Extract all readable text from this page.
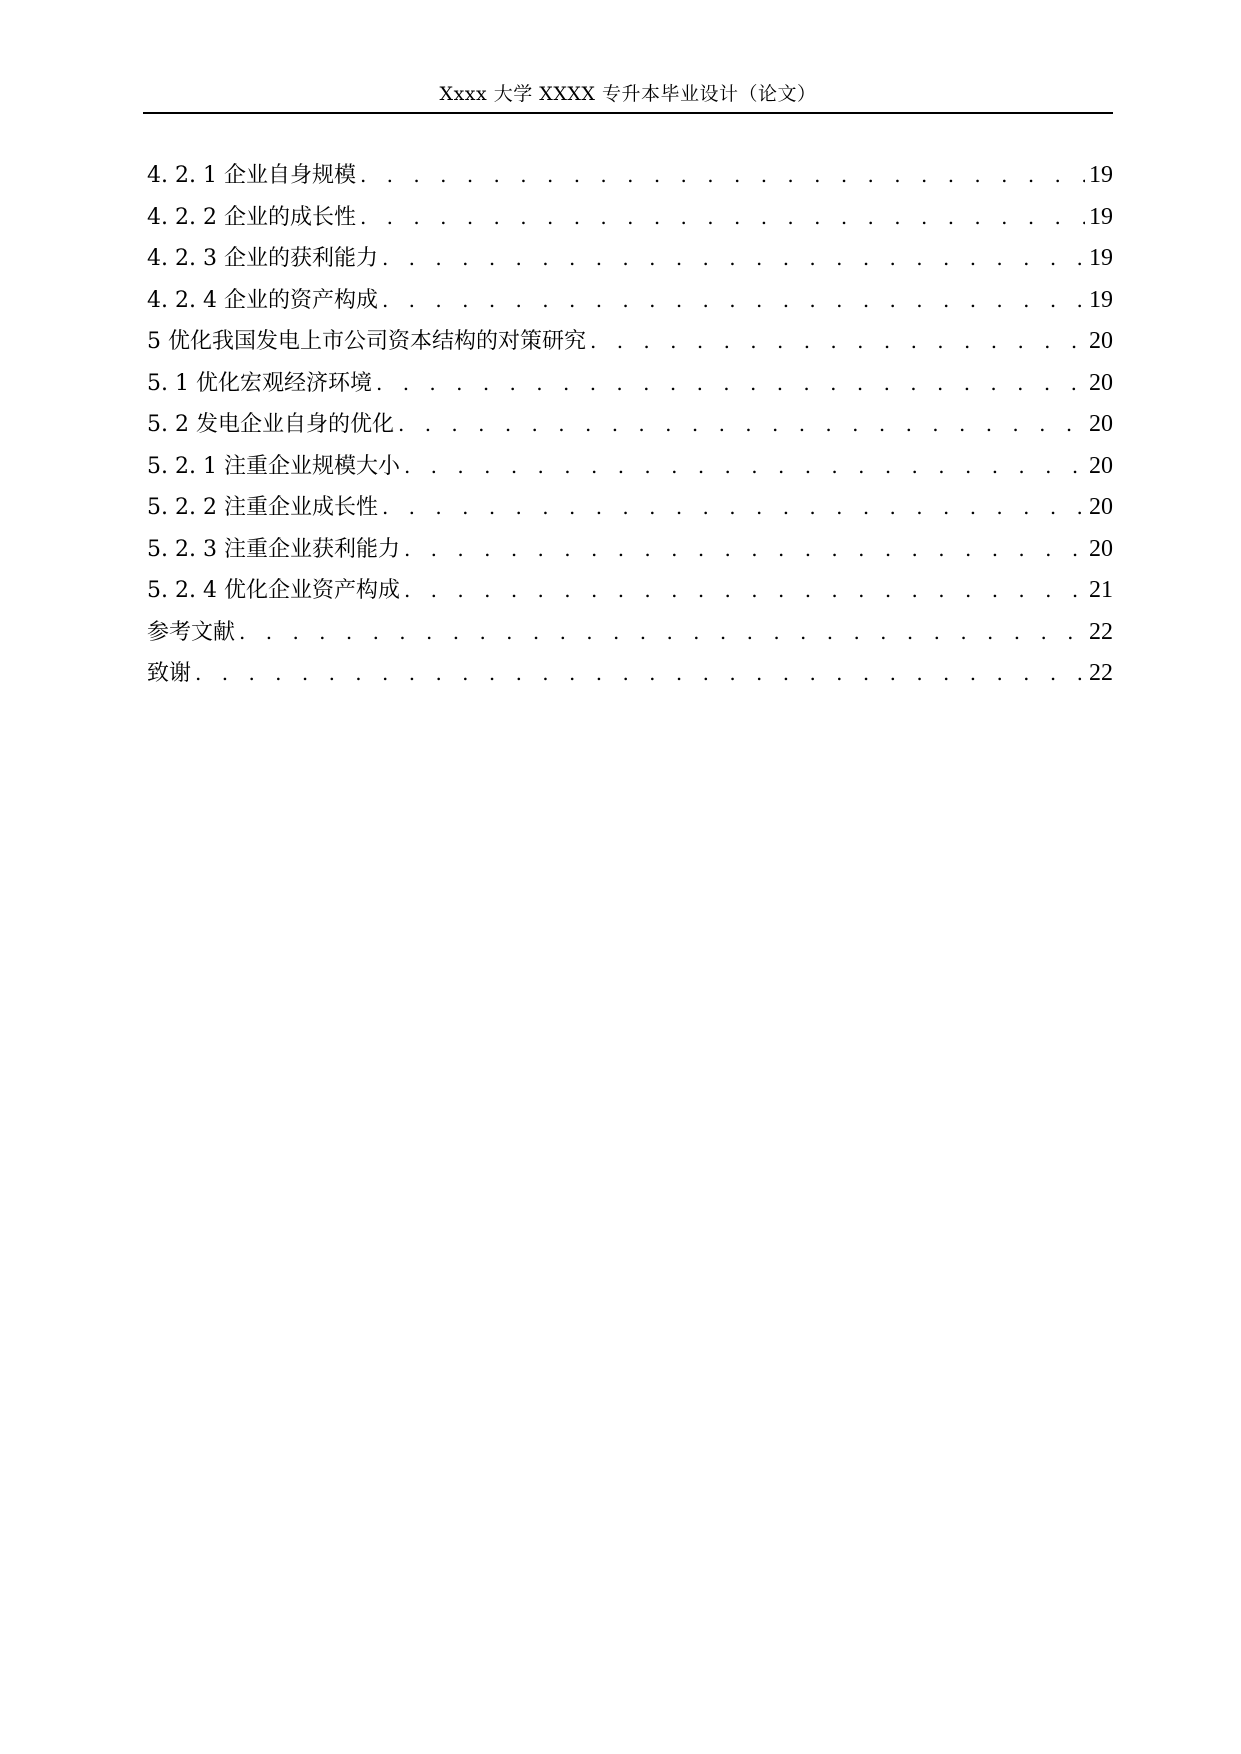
Xxxx 大学 XXXX 专升本毕业设计（论文）
4. 2. 1 企业自身规模 . . .	19
4. 2. 2 企业的成长性 . . .	19
4. 2. 3 企业的获利能力 . . .	19
4. 2. 4 企业的资产构成 . . .	19
5 优化我国发电上市公司资本结构的对策研究 . . .	20
5. 1 优化宏观经济环境 . . .	20
5. 2 发电企业自身的优化 . . .	20
5. 2. 1 注重企业规模大小 . . .	20
5. 2. 2 注重企业成长性 . . .	20
5. 2. 3 注重企业获利能力 . . .	20
5. 2. 4 优化企业资产构成 . . .	21
参考文献 . . .	22
致谢 . . .	22
